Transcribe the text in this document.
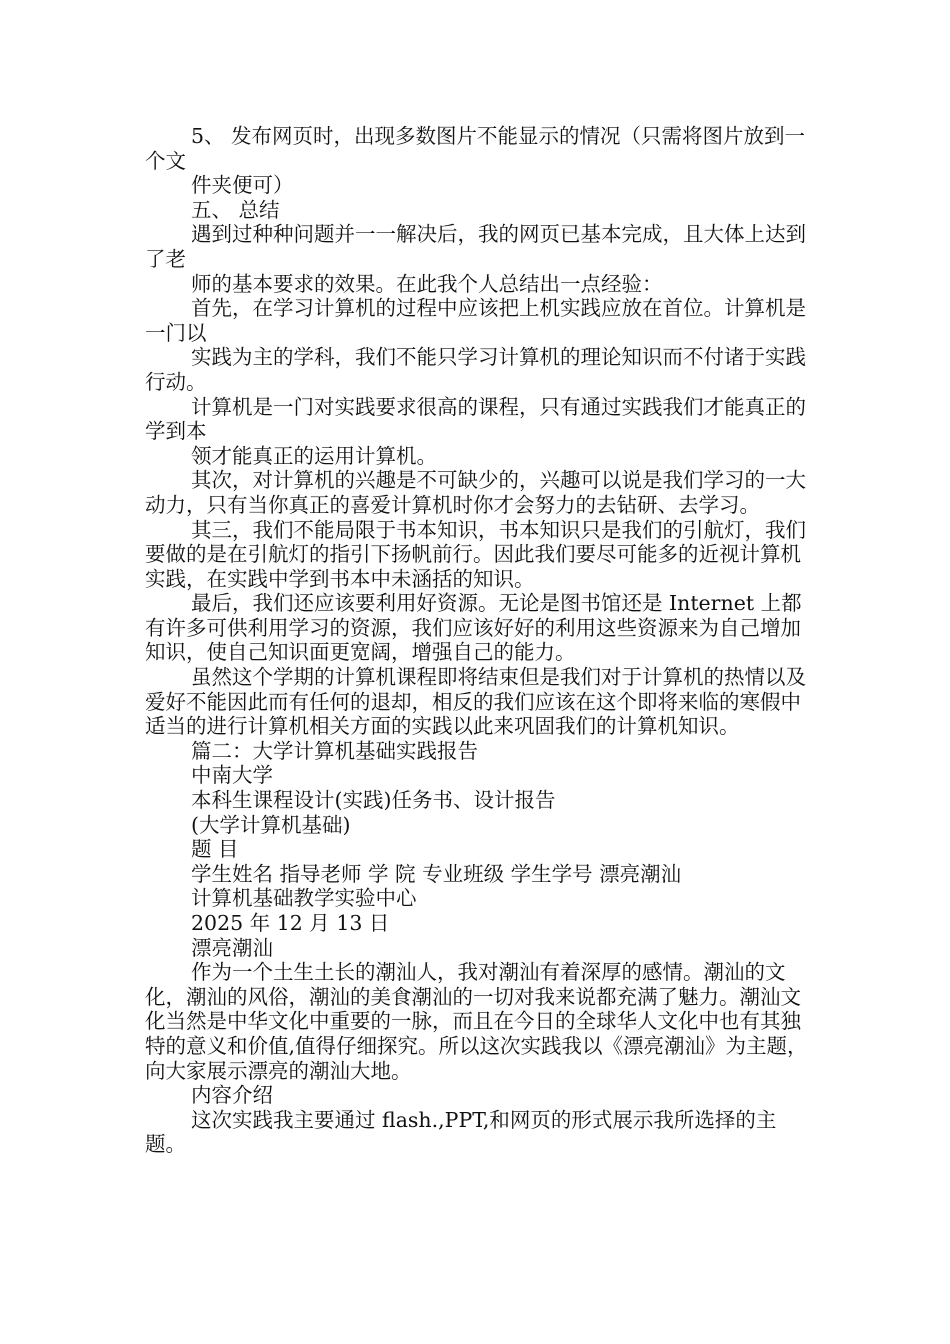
5、 发布网页时，出现多数图片不能显示的情况（只需将图片放到一个文

件夹便可）

五、 总结

遇到过种种问题并一一解决后，我的网页已基本完成，且大体上达到了老

师的基本要求的效果。在此我个人总结出一点经验：

首先，在学习计算机的过程中应该把上机实践应放在首位。计算机是一门以

实践为主的学科，我们不能只学习计算机的理论知识而不付诸于实践行动。

计算机是一门对实践要求很高的课程，只有通过实践我们才能真正的学到本

领才能真正的运用计算机。

其次，对计算机的兴趣是不可缺少的，兴趣可以说是我们学习的一大动力，只有当你真正的喜爱计算机时你才会努力的去钻研、去学习。

其三，我们不能局限于书本知识，书本知识只是我们的引航灯，我们要做的是在引航灯的指引下扬帆前行。因此我们要尽可能多的近视计算机实践，在实践中学到书本中未涵括的知识。

最后，我们还应该要利用好资源。无论是图书馆还是 Internet 上都有许多可供利用学习的资源，我们应该好好的利用这些资源来为自己增加知识，使自己知识面更宽阔，增强自己的能力。

虽然这个学期的计算机课程即将结束但是我们对于计算机的热情以及爱好不能因此而有任何的退却，相反的我们应该在这个即将来临的寒假中适当的进行计算机相关方面的实践以此来巩固我们的计算机知识。

篇二：大学计算机基础实践报告

中南大学

本科生课程设计(实践)任务书、设计报告

(大学计算机基础)

题 目

学生姓名 指导老师 学 院 专业班级 学生学号 漂亮潮汕

计算机基础教学实验中心

2025 年 12 月 13 日

漂亮潮汕

作为一个土生土长的潮汕人，我对潮汕有着深厚的感情。潮汕的文化，潮汕的风俗，潮汕的美食潮汕的一切对我来说都充满了魅力。潮汕文化当然是中华文化中重要的一脉，而且在今日的全球华人文化中也有其独特的意义和价值,值得仔细探究。所以这次实践我以《漂亮潮汕》为主题，向大家展示漂亮的潮汕大地。

内容介绍

这次实践我主要通过 flash.,PPT,和网页的形式展示我所选择的主题。
